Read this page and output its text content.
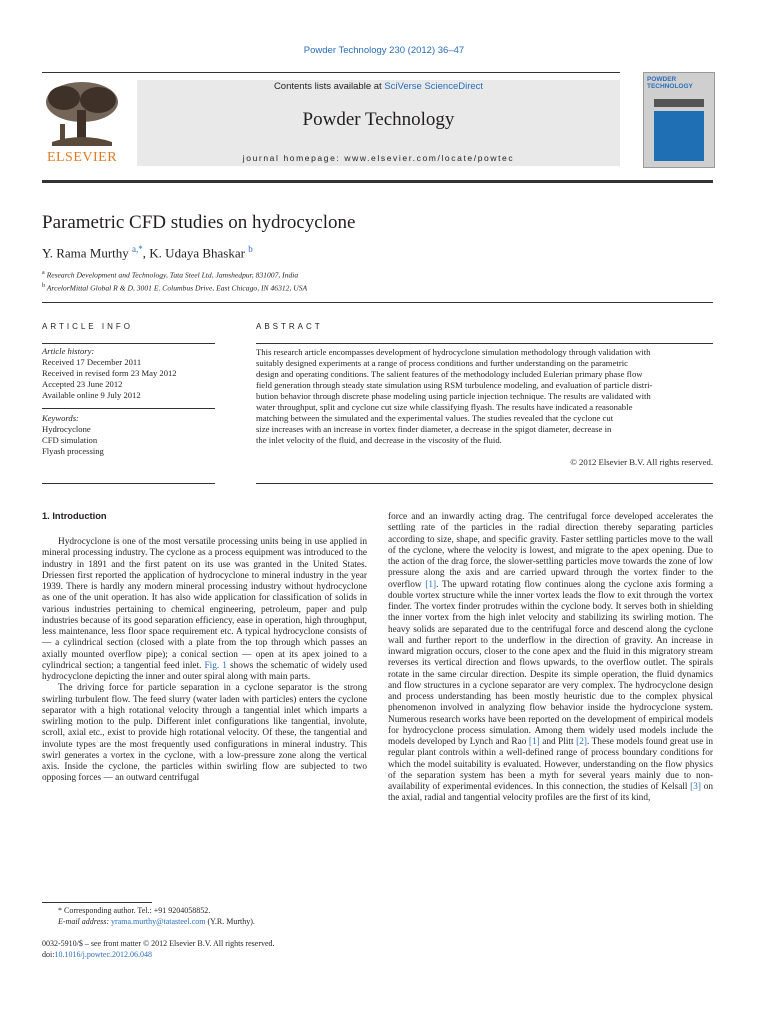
Powder Technology 230 (2012) 36–47
ELSEVIER
Contents lists available at SciVerse ScienceDirect
Powder Technology
journal homepage: www.elsevier.com/locate/powtec
POWDER
TECHNOLOGY
Parametric CFD studies on hydrocyclone
Y. Rama Murthy $^{a,*}$, K. Udaya Bhaskar $^b$
$^a$ Research Development and Technology, Tata Steel Ltd, Jamshedpur, 831007, India
$^b$ ArcelorMittal Global R & D, 3001 E. Columbus Drive, East Chicago, IN 46312, USA
ARTICLE INFO	ABSTRACT
Article history:
Received 17 December 2011
Received in revised form 23 May 2012
Accepted 23 June 2012
Available online 9 July 2012
Keywords:
Hydrocyclone
CFD simulation
Flyash processing
This research article encompasses development of hydrocyclone simulation methodology through validation with
suitably designed experiments at a range of process conditions and further understanding on the parametric
design and operating conditions. The salient features of the methodology included Eulerian primary phase flow
field generation through steady state simulation using RSM turbulence modeling, and evaluation of particle distri-
bution behavior through discrete phase modeling using particle injection technique. The results are validated with
water throughput, split and cyclone cut size while classifying flyash. The results have indicated a reasonable
matching between the simulated and the experimental values. The studies revealed that the cyclone cut
size increases with an increase in vortex finder diameter, a decrease in the spigot diameter, decrease in
the inlet velocity of the fluid, and decrease in the viscosity of the fluid.
© 2012 Elsevier B.V. All rights reserved.
1. Introduction

Hydrocyclone is one of the most versatile processing units being in use applied in mineral processing industry. The cyclone as a process equipment was introduced to the industry in 1891 and the first patent on its use was granted in the United States. Driessen first reported the application of hydrocyclone to mineral industry in the year 1939. There is hardly any modern mineral processing industry without hydrocyclone as one of the unit operation. It has also wide application for classification of solids in various industries pertaining to chemical engineering, petroleum, paper and pulp industries because of its good separation efficiency, ease in operation, high throughput, less maintenance, less floor space requirement etc. A typical hydrocyclone consists of — a cylindrical section (closed with a plate from the top through which passes an axially mounted overflow pipe); a conical section — open at its apex joined to a cylindrical section; a tangential feed inlet. Fig. 1 shows the schematic of widely used hydrocyclone depicting the inner and outer spiral along with main parts.

The driving force for particle separation in a cyclone separator is the strong swirling turbulent flow. The feed slurry (water laden with particles) enters the cyclone separator with a high rotational velocity through a tangential inlet which imparts a swirling motion to the pulp. Different inlet configurations like tangential, involute, scroll, axial etc., exist to provide high rotational velocity. Of these, the tangential and involute types are the most frequently used configurations in mineral industry. This swirl generates a vortex in the cyclone, with a low-pressure zone along the vertical axis. Inside the cyclone, the particles within swirling flow are subjected to two opposing forces — an outward centrifugal

force and an inwardly acting drag. The centrifugal force developed accelerates the settling rate of the particles in the radial direction thereby separating particles according to size, shape, and specific gravity. Faster settling particles move to the wall of the cyclone, where the velocity is lowest, and migrate to the apex opening. Due to the action of the drag force, the slower-settling particles move towards the zone of low pressure along the axis and are carried upward through the vortex finder to the overflow [1]. The upward rotating flow continues along the cyclone axis forming a double vortex structure while the inner vortex leads the flow to exit through the vortex finder. The vortex finder protrudes within the cyclone body. It serves both in shielding the inner vortex from the high inlet velocity and stabilizing its swirling motion. The heavy solids are separated due to the centrifugal force and descend along the cyclone wall and further report to the underflow in the direction of gravity. An increase in inward migration occurs, closer to the cone apex and the fluid in this migratory stream reverses its vertical direction and flows upwards, to the overflow outlet. The spirals rotate in the same circular direction. Despite its simple operation, the fluid dynamics and flow structures in a cyclone separator are very complex. The hydrocyclone design and process understanding has been mostly heuristic due to the complex physical phenomenon involved in analyzing flow behavior inside the hydrocyclone system. Numerous research works have been reported on the development of empirical models for hydrocyclone process simulation. Among them widely used models include the models developed by Lynch and Rao [1] and Plitt [2]. These models found great use in regular plant controls within a well-defined range of process boundary conditions for which the model suitability is evaluated. However, understanding on the flow physics of the separation system has been a myth for several years mainly due to non-availability of experimental evidences. In this connection, the studies of Kelsall [3] on the axial, radial and tangential velocity profiles are the first of its kind,

* Corresponding author. Tel.: +91 9204058852.
E-mail address: yrama.murthy@tatasteel.com (Y.R. Murthy).
0032-5910/$ – see front matter © 2012 Elsevier B.V. All rights reserved.
doi:10.1016/j.powtec.2012.06.048
